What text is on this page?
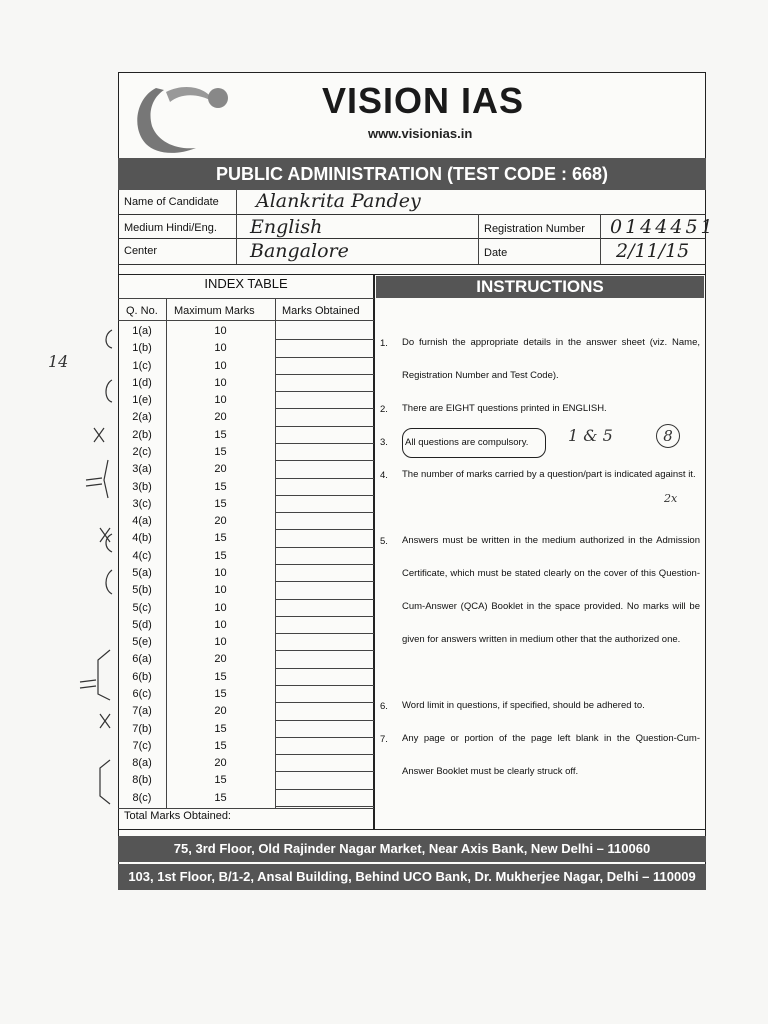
VISION IAS
www.visionias.in
PUBLIC ADMINISTRATION (TEST CODE : 668)
Name of Candidate Alankrita Pandey
Medium Hindi/Eng. English
Center	Bangalore
Registration Number 0144451
Date	2/11/15
INDEX TABLE
Q. No. Maximum Marks Marks Obtained
1(a)	10
1(b)	10
1(c)	10
1(d)	10
1(e)	10
2(a)	20
2(b)	15
2(c)	15
3(a)	20
3(b)	15
3(c)	15
4(a)	20
4(b)	15
4(c)	15
5(a)	10
5(b)	10
5(c)	10
5(d)	10
5(e)	10
6(a)	20
6(b)	15
6(c)	15
7(a)	20
7(b)	15
7(c)	15
8(a)	20
8(b)	15
8(c)	15
Total Marks Obtained:
INSTRUCTIONS
1. Do furnish the appropriate details in the answer sheet (viz. Name, Registration Number and Test Code).
2. There are EIGHT questions printed in ENGLISH.
3.	All questions are compulsory.
4. The number of marks carried by a question/part is indicated against it.
5. Answers must be written in the medium authorized in the Admission Certificate, which must be stated clearly on the cover of this Question-Cum-Answer (QCA) Booklet in the space provided. No marks will be given for answers written in medium other that the authorized one.
6. Word limit in questions, if specified, should be adhered to.
7. Any page or portion of the page left blank in the Question-Cum-Answer Booklet must be clearly struck off.
14
1 & 5	8
2x
75, 3rd Floor, Old Rajinder Nagar Market, Near Axis Bank, New Delhi – 110060
103, 1st Floor, B/1-2, Ansal Building, Behind UCO Bank, Dr. Mukherjee Nagar, Delhi – 110009
